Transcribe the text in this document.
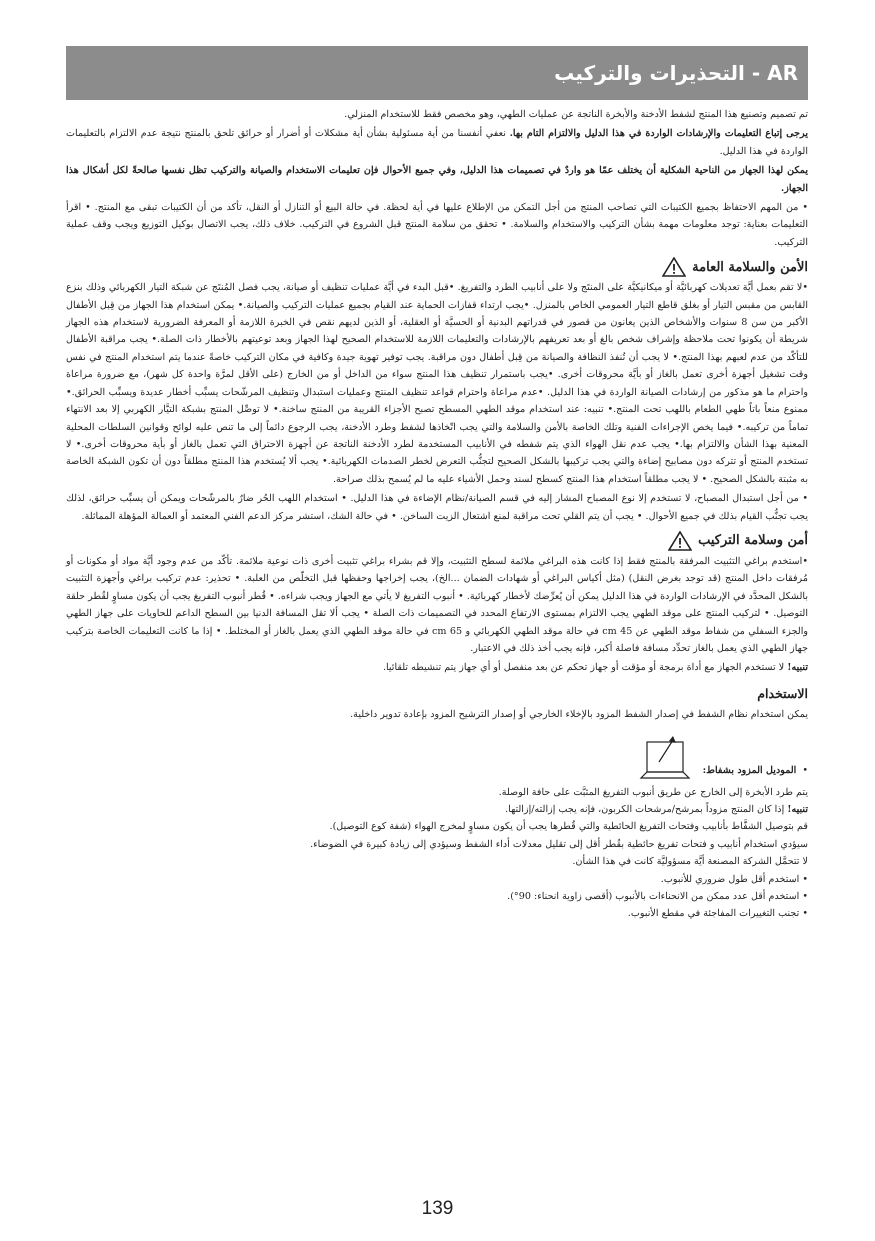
AR - التحذيرات والتركيب

تم تصميم وتصنيع هذا المنتج لشفط الأدخنة والأبخرة الناتجة عن عمليات الطهي، وهو مخصص فقط للاستخدام المنزلي.

يرجى إتباع التعليمات والإرشادات الواردة في هذا الدليل والالتزام التام بها. نعفي أنفسنا من أية مسئولية بشأن أية مشكلات أو أضرار أو حرائق تلحق بالمنتج نتيجة عدم الالتزام بالتعليمات الواردة في هذا الدليل.

يمكن لهذا الجهاز من الناحية الشكلية أن يختلف عمّا هو واردٌ في تصميمات هذا الدليل، وفي جميع الأحوال فإن تعليمات الاستخدام والصيانة والتركيب تظل نفسها صالحةً لكل أشكال هذا الجهاز.

• من المهم الاحتفاظ بجميع الكتيبات التي تصاحب المنتج من أجل التمكن من الإطلاع عليها في أية لحظة. في حالة البيع أو التنازل أو النقل، تأكد من أن الكتيبات تبقى مع المنتج. • اقرأ التعليمات بعناية: توجد معلومات مهمة بشأن التركيب والاستخدام والسلامة. • تحقق من سلامة المنتج قبل الشروع في التركيب. خلاف ذلك، يجب الاتصال بوكيل التوزيع ويجب وقف عملية التركيب.

الأمن والسلامة العامة

•لا تقم بعمل أيَّة تعديلات كهربائيَّة أو ميكانيكيَّة على المنتَج ولا على أنابيب الطرد والتفريغ. •قبل البدء في أيَّة عمليات تنظيف أو صيانة، يجب فصل المُنتَج عن شبكة التيار الكهربائي وذلك بنزع القابس من مقبس التيار أو بغلق قاطع التيار العمومي الخاص بالمنزل. •يجب ارتداء قفازات الحماية عند القيام بجميع عمليات التركيب والصيانة.• يمكن استخدام هذا الجهاز من قِبل الأطفال الأكبر من سن 8 سنوات والأشخاص الذين يعانون من قصور في قدراتهم البدنية أو الحسيَّة أو العقلية، أو الذين لديهم نقص في الخبرة اللازمة أو المعرفة الضرورية لاستخدام هذه الجهاز شريطة أن يكونوا تحت ملاحظة وإشراف شخص بالغ أو بعد تعريفهم بالإرشادات والتعليمات اللازمة للاستخدام الصحيح لهذا الجهاز وبعد توعيتهم بالأخطار ذات الصلة.• يجب مراقبة الأطفال للتأكّد من عدم لعبهم بهذا المنتج.• لا يجب أن تُنفذ النظافة والصيانة من قِبل أطفال دون مراقبة. يجب توفير تهوية جيدة وكافية في مكان التركيب خاصةً عندما يتم استخدام المنتج في نفس وقت تشغيل أجهزة أخرى تعمل بالغاز أو بأيَّة محروقات أخرى. •يجب باستمرار تنظيف هذا المنتج سواء من الداخل أو من الخارج (على الأقل لمرَّة واحدة كل شهر)، مع ضرورة مراعاة واحترام ما هو مذكور من إرشادات الصيانة الواردة في هذا الدليل. •عدم مراعاة واحترام قواعد تنظيف المنتج وعمليات استبدال وتنظيف المرشّحات يسبِّب أخطار عديدة ويسبِّب الحرائق.• ممنوع منعاً باتاً طهي الطعام باللهب تحت المنتج.• تنبيه: عند استخدام موقد الطهي المسطح تصبح الأجزاء القريبة من المنتج ساخنة.• لا توصِّل المنتج بشبكة التيَّار الكهربي إلا بعد الانتهاء تماماً من تركيبه.• فيما يخص الإجراءات الفنية وتلك الخاصة بالأمن والسلامة والتي يجب اتّخاذها لشفط وطرد الأدخنة، يجب الرجوع دائماً إلى ما تنص عليه لوائح وقوانين السلطات المحلية المعنية بهذا الشأن والالتزام بها.• يجب عدم نقل الهواء الذي يتم شفطه في الأنابيب المستخدمة لطرد الأدخنة الناتجة عن أجهزة الاحتراق التي تعمل بالغاز أو بأية محروقات أخرى.• لا تستخدم المنتج أو تتركه دون مصابيح إضاءة والتي يجب تركيبها بالشكل الصحيح لتجنُّب التعرض لخطر الصدمات الكهربائية.• يجب ألا يُستخدم هذا المنتج مطلقاً دون أن تكون الشبكة الخاصة به مثبتة بالشكل الصحيح. • لا يجب مطلقاً استخدام هذا المنتج كسطح لسند وحمل الأشياء عليه ما لم يُسمح بذلك صراحة.

• من أجل استبدال المصباح، لا تستخدم إلا نوع المصباح المشار إليه في قسم الصيانة/نظام الإضاءة في هذا الدليل. • استخدام اللهب الحُر ضارٌ بالمرشّحات ويمكن أن يسبِّب حرائق، لذلك يجب تجنُّب القيام بذلك في جميع الأحوال. • يجب أن يتم القلي تحت مراقبة لمنع اشتعال الزيت الساخن. • في حالة الشك، استشر مركز الدعم الفني المعتمد أو العمالة المؤهلة المماثلة.

أمن وسلامة التركيب

•استخدم براغي التثبيت المرفقة بالمنتج فقط إذا كانت هذه البراغي ملائمة لسطح التثبيت، وإلا قم بشراء براغي تثبيت أخرى ذات نوعية ملائمة. تأكّد من عدم وجود أيَّة مواد أو مكونات أو مُرفقات داخل المنتج (قد توجد بغرض النقل) (مثل أكياس البراغي أو شهادات الضمان ...الخ)، يجب إخراجها وحفظها قبل التخلّص من العلبة. • تحذير: عدم تركيب براغي وأجهزة التثبيت بالشكل المحدَّد في الإرشادات الواردة في هذا الدليل يمكن أن يُعرِّضك لأخطار كهربائية. • أنبوب التفريغ لا يأتي مع الجهاز ويجب شراءه. • قُطر أنبوب التفريغ يجب أن يكون مساوٍ لقُطر حلقة التوصيل. • لتركيب المنتج على موقد الطهي يجب الالتزام بمستوى الارتفاع المحدد في التصميمات ذات الصلة • يجب ألا تقل المسافة الدنيا بين السطح الداعم للحاويات على جهاز الطهي والجزء السفلي من شفاط موقد الطهي عن 45 cm في حالة موقد الطهي الكهربائي و 65 cm في حالة موقد الطهي الذي يعمل بالغاز أو المختلط. • إذا ما كانت التعليمات الخاصة بتركيب جهاز الطهي الذي يعمل بالغاز تحدِّد مسافة فاصلة أكبر، فإنه يجب أخذ ذلك في الاعتبار.

تنبيه! لا تستخدم الجهاز مع أداة برمجة أو مؤقت أو جهاز تحكم عن بعد منفصل أو أي جهاز يتم تنشيطه تلقائيا.

الاستخدام

يمكن استخدام نظام الشفط في إصدار الشفط المزود بالإخلاء الخارجي أو إصدار الترشيح المزود بإعادة تدوير داخلية.

•
الموديل المزود بشفاط:

يتم طرد الأبخرة إلى الخارج عن طريق أنبوب التفريغ المثبَّت على حافة الوصلة.

تنبيه! إذا كان المنتج مزوداً بمرشح/مرشحات الكربون، فإنه يجب إزالته/إزالتها.

قم بتوصيل الشفَّاط بأنابيب وفتحات التفريغ الحائطية والتي قُطرها يجب أن يكون مساوٍ لمخرج الهواء (شفة كوع التوصيل).

سيؤدي استخدام أنابيب و فتحات تفريغ حائطية بقُطر أقل إلى تقليل معدلات أداء الشفط وسيؤدي إلى زيادة كبيرة في الضوضاء.

لا تتحمَّل الشركة المصنعة أيَّة مسؤوليَّة كانت في هذا الشأن.

• استخدم أقل طول ضروري للأنبوب.

• استخدم أقل عدد ممكن من الانحناءات بالأنبوب (أقصى زاوية انحناء: 90°).

• تجنب التغييرات المفاجئة في مقطع الأنبوب.

139
